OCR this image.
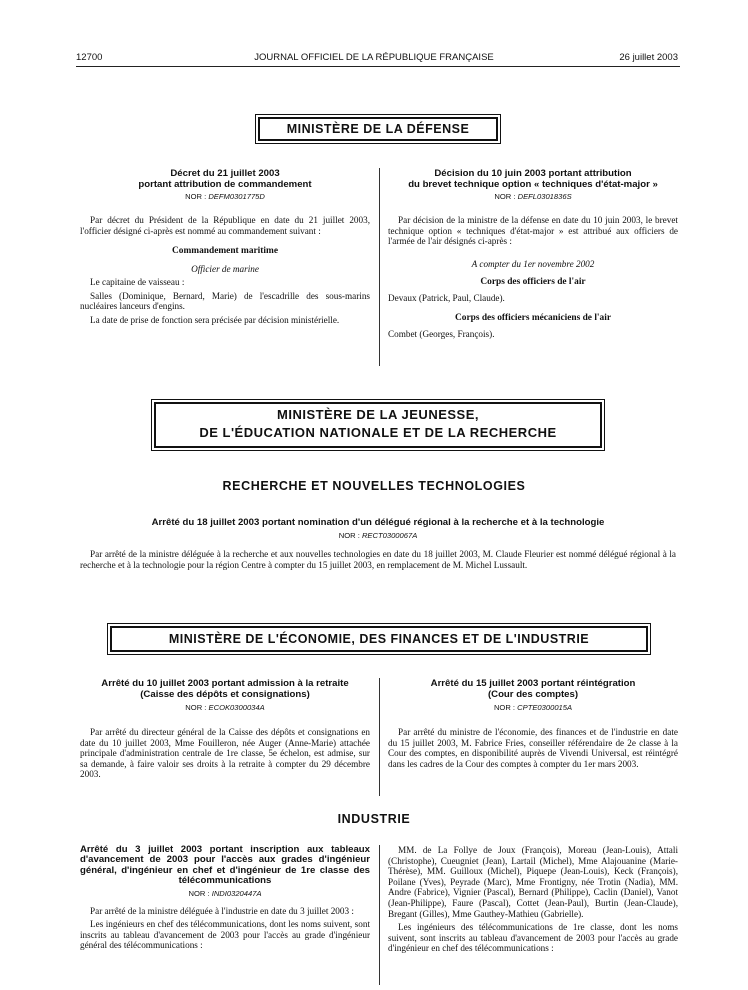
12700	JOURNAL OFFICIEL DE LA RÉPUBLIQUE FRANÇAISE	26 juillet 2003
MINISTÈRE DE LA DÉFENSE
Décret du 21 juillet 2003
portant attribution de commandement
NOR : DEFM0301775D

Par décret du Président de la République en date du 21 juillet 2003, l'officier désigné ci-après est nommé au commandement suivant :

Commandement maritime
Officier de marine

Le capitaine de vaisseau :

Salles (Dominique, Bernard, Marie) de l'escadrille des sous-marins nucléaires lanceurs d'engins.

La date de prise de fonction sera précisée par décision ministérielle.

Décision du 10 juin 2003 portant attribution
du brevet technique option « techniques d'état-major »
NOR : DEFL0301836S

Par décision de la ministre de la défense en date du 10 juin 2003, le brevet technique option « techniques d'état-major » est attribué aux officiers de l'armée de l'air désignés ci-après :

A compter du 1er novembre 2002
Corps des officiers de l'air

Devaux (Patrick, Paul, Claude).

Corps des officiers mécaniciens de l'air

Combet (Georges, François).

MINISTÈRE DE LA JEUNESSE,
DE L'ÉDUCATION NATIONALE ET DE LA RECHERCHE
RECHERCHE ET NOUVELLES TECHNOLOGIES
Arrêté du 18 juillet 2003 portant nomination d'un délégué régional à la recherche et à la technologie
NOR : RECT0300067A

Par arrêté de la ministre déléguée à la recherche et aux nouvelles technologies en date du 18 juillet 2003, M. Claude Fleurier est nommé délégué régional à la recherche et à la technologie pour la région Centre à compter du 15 juillet 2003, en remplacement de M. Michel Lussault.

MINISTÈRE DE L'ÉCONOMIE, DES FINANCES ET DE L'INDUSTRIE
Arrêté du 10 juillet 2003 portant admission à la retraite
(Caisse des dépôts et consignations)
NOR : ECOK0300034A

Par arrêté du directeur général de la Caisse des dépôts et consignations en date du 10 juillet 2003, Mme Fouilleron, née Auger (Anne-Marie) attachée principale d'administration centrale de 1re classe, 5e échelon, est admise, sur sa demande, à faire valoir ses droits à la retraite à compter du 29 décembre 2003.

Arrêté du 15 juillet 2003 portant réintégration
(Cour des comptes)
NOR : CPTE0300015A

Par arrêté du ministre de l'économie, des finances et de l'industrie en date du 15 juillet 2003, M. Fabrice Fries, conseiller référendaire de 2e classe à la Cour des comptes, en disponibilité auprès de Vivendi Universal, est réintégré dans les cadres de la Cour des comptes à compter du 1er mars 2003.

INDUSTRIE
Arrêté du 3 juillet 2003 portant inscription aux tableaux d'avancement de 2003 pour l'accès aux grades d'ingénieur général, d'ingénieur en chef et d'ingénieur de 1re classe des télécommunications
NOR : INDI0320447A

Par arrêté de la ministre déléguée à l'industrie en date du 3 juillet 2003 :

Les ingénieurs en chef des télécommunications, dont les noms suivent, sont inscrits au tableau d'avancement de 2003 pour l'accès au grade d'ingénieur général des télécommunications :

MM. de La Follye de Joux (François), Moreau (Jean-Louis), Attali (Christophe), Cueugniet (Jean), Lartail (Michel), Mme Alajouanine (Marie-Thérèse), MM. Guilloux (Michel), Piquepe (Jean-Louis), Keck (François), Poilane (Yves), Peyrade (Marc), Mme Frontigny, née Trotin (Nadia), MM. Andre (Fabrice), Vignier (Pascal), Bernard (Philippe), Caclin (Daniel), Vanot (Jean-Philippe), Faure (Pascal), Cottet (Jean-Paul), Burtin (Jean-Claude), Bregant (Gilles), Mme Gauthey-Mathieu (Gabrielle).

Les ingénieurs des télécommunications de 1re classe, dont les noms suivent, sont inscrits au tableau d'avancement de 2003 pour l'accès au grade d'ingénieur en chef des télécommunications :
